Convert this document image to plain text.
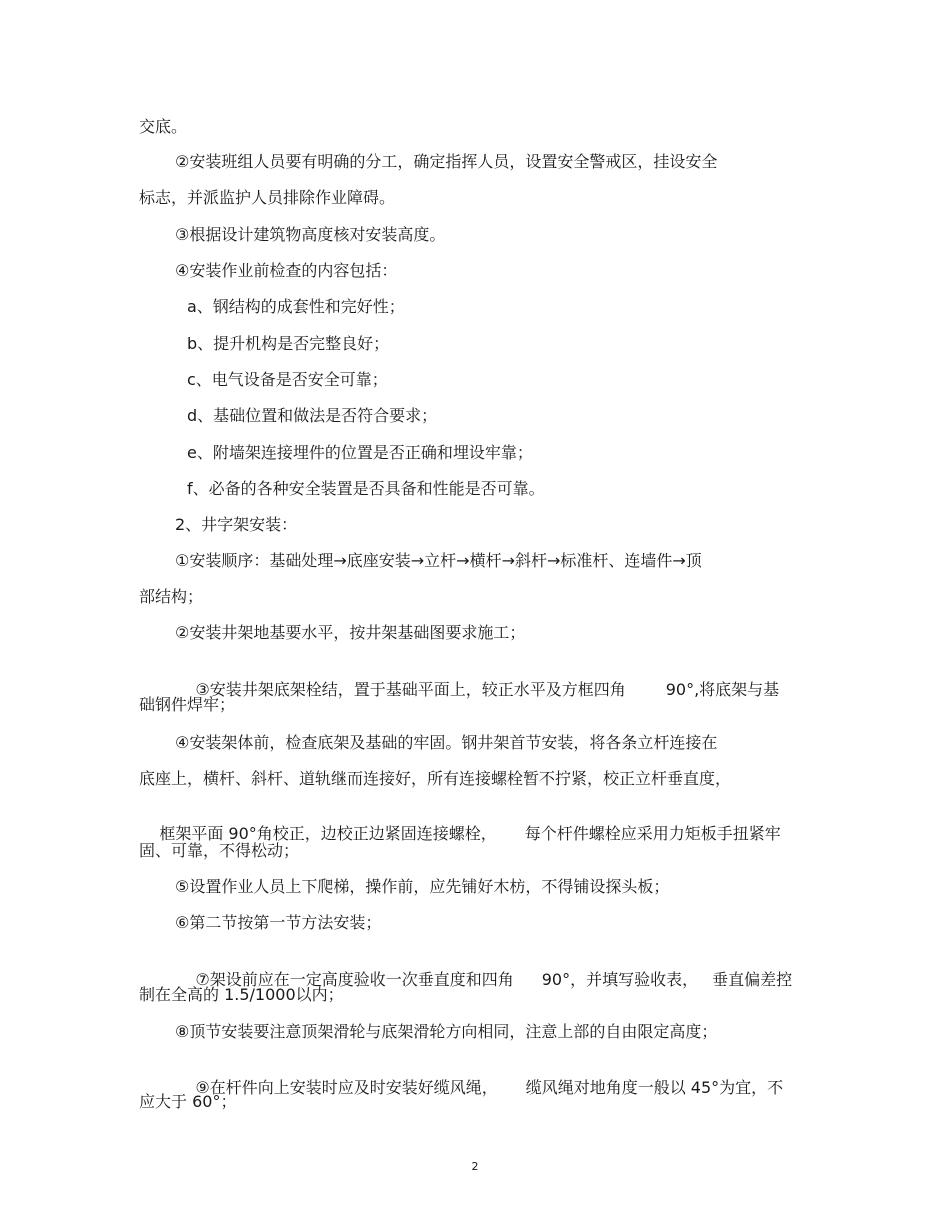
交底。
②安装班组人员要有明确的分工，确定指挥人员，设置安全警戒区，挂设安全
标志，并派监护人员排除作业障碍。
③根据设计建筑物高度核对安装高度。
④安装作业前检查的内容包括：
a、钢结构的成套性和完好性；
b、提升机构是否完整良好；
c、电气设备是否安全可靠；
d、基础位置和做法是否符合要求；
e、附墙架连接埋件的位置是否正确和埋设牢靠；
f、必备的各种安全装置是否具备和性能是否可靠。
2、井字架安装：
①安装顺序：基础处理→底座安装→立杆→横杆→斜杆→标准杆、连墙件→顶
部结构；
②安装井架地基要水平，按井架基础图要求施工；

③安装井架底架栓结，置于基础平面上，较正水平及方框四角	90°,将底架与基

础钢件焊牢；
④安装架体前，检查底架及基础的牢固。钢井架首节安装，将各条立杆连接在
底座上，横杆、斜杆、道轨继而连接好，所有连接螺栓暂不拧紧，校正立杆垂直度，

框架平面 90°角校正，边校正边紧固连接螺栓， 每个杆件螺栓应采用力矩板手扭紧牢

固、可靠，不得松动；
⑤设置作业人员上下爬梯，操作前，应先铺好木枋，不得铺设探头板；
⑥第二节按第一节方法安装；

⑦架设前应在一定高度验收一次垂直度和四角 90°，并填写验收表， 垂直偏差控

制在全高的 1.5/1000以内；
⑧顶节安装要注意顶架滑轮与底架滑轮方向相同，注意上部的自由限定高度；

⑨在杆件向上安装时应及时安装好缆风绳， 缆风绳对地角度一般以 45°为宜，不

应大于 60°；
2
